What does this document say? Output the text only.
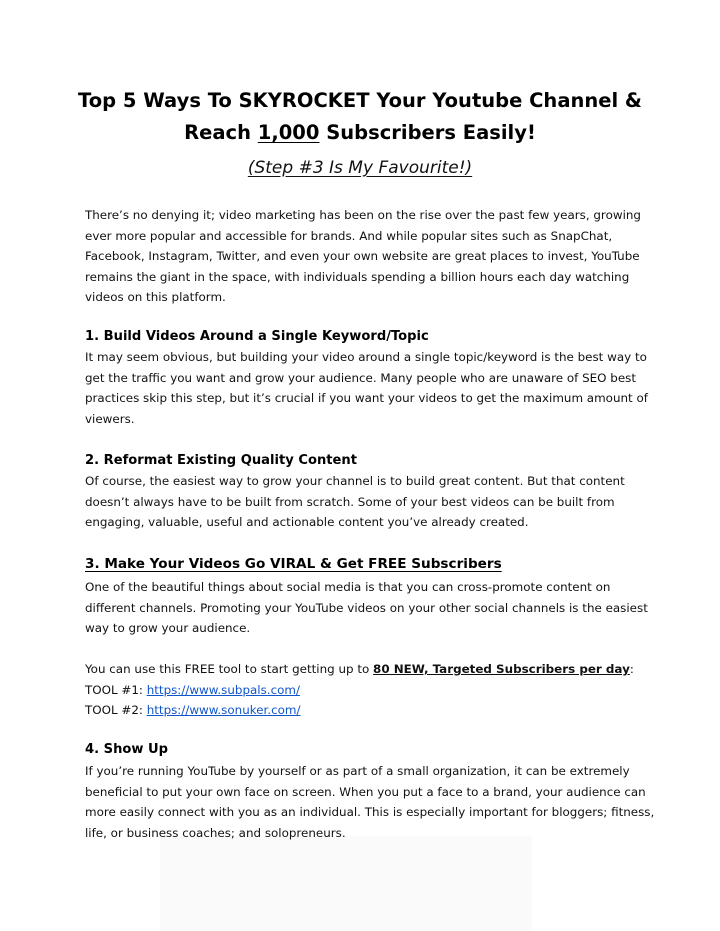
Top 5 Ways To SKYROCKET Your Youtube Channel &
Reach 1,000 Subscribers Easily!
(Step #3 Is My Favourite!)
There’s no denying it; video marketing has been on the rise over the past few years, growing
ever more popular and accessible for brands. And while popular sites such as SnapChat,
Facebook, Instagram, Twitter, and even your own website are great places to invest, YouTube
remains the giant in the space, with individuals spending a billion hours each day watching
videos on this platform.
1. Build Videos Around a Single Keyword/Topic
It may seem obvious, but building your video around a single topic/keyword is the best way to
get the traffic you want and grow your audience. Many people who are unaware of SEO best
practices skip this step, but it’s crucial if you want your videos to get the maximum amount of
viewers.
2. Reformat Existing Quality Content
Of course, the easiest way to grow your channel is to build great content. But that content
doesn’t always have to be built from scratch. Some of your best videos can be built from
engaging, valuable, useful and actionable content you’ve already created.
3. Make Your Videos Go VIRAL & Get FREE Subscribers
One of the beautiful things about social media is that you can cross-promote content on
different channels. Promoting your YouTube videos on your other social channels is the easiest
way to grow your audience.
You can use this FREE tool to start getting up to 80 NEW, Targeted Subscribers per day:
TOOL #1: https://www.subpals.com/
TOOL #2: https://www.sonuker.com/
4. Show Up
If you’re running YouTube by yourself or as part of a small organization, it can be extremely
beneficial to put your own face on screen. When you put a face to a brand, your audience can
more easily connect with you as an individual. This is especially important for bloggers; fitness,
life, or business coaches; and solopreneurs.
